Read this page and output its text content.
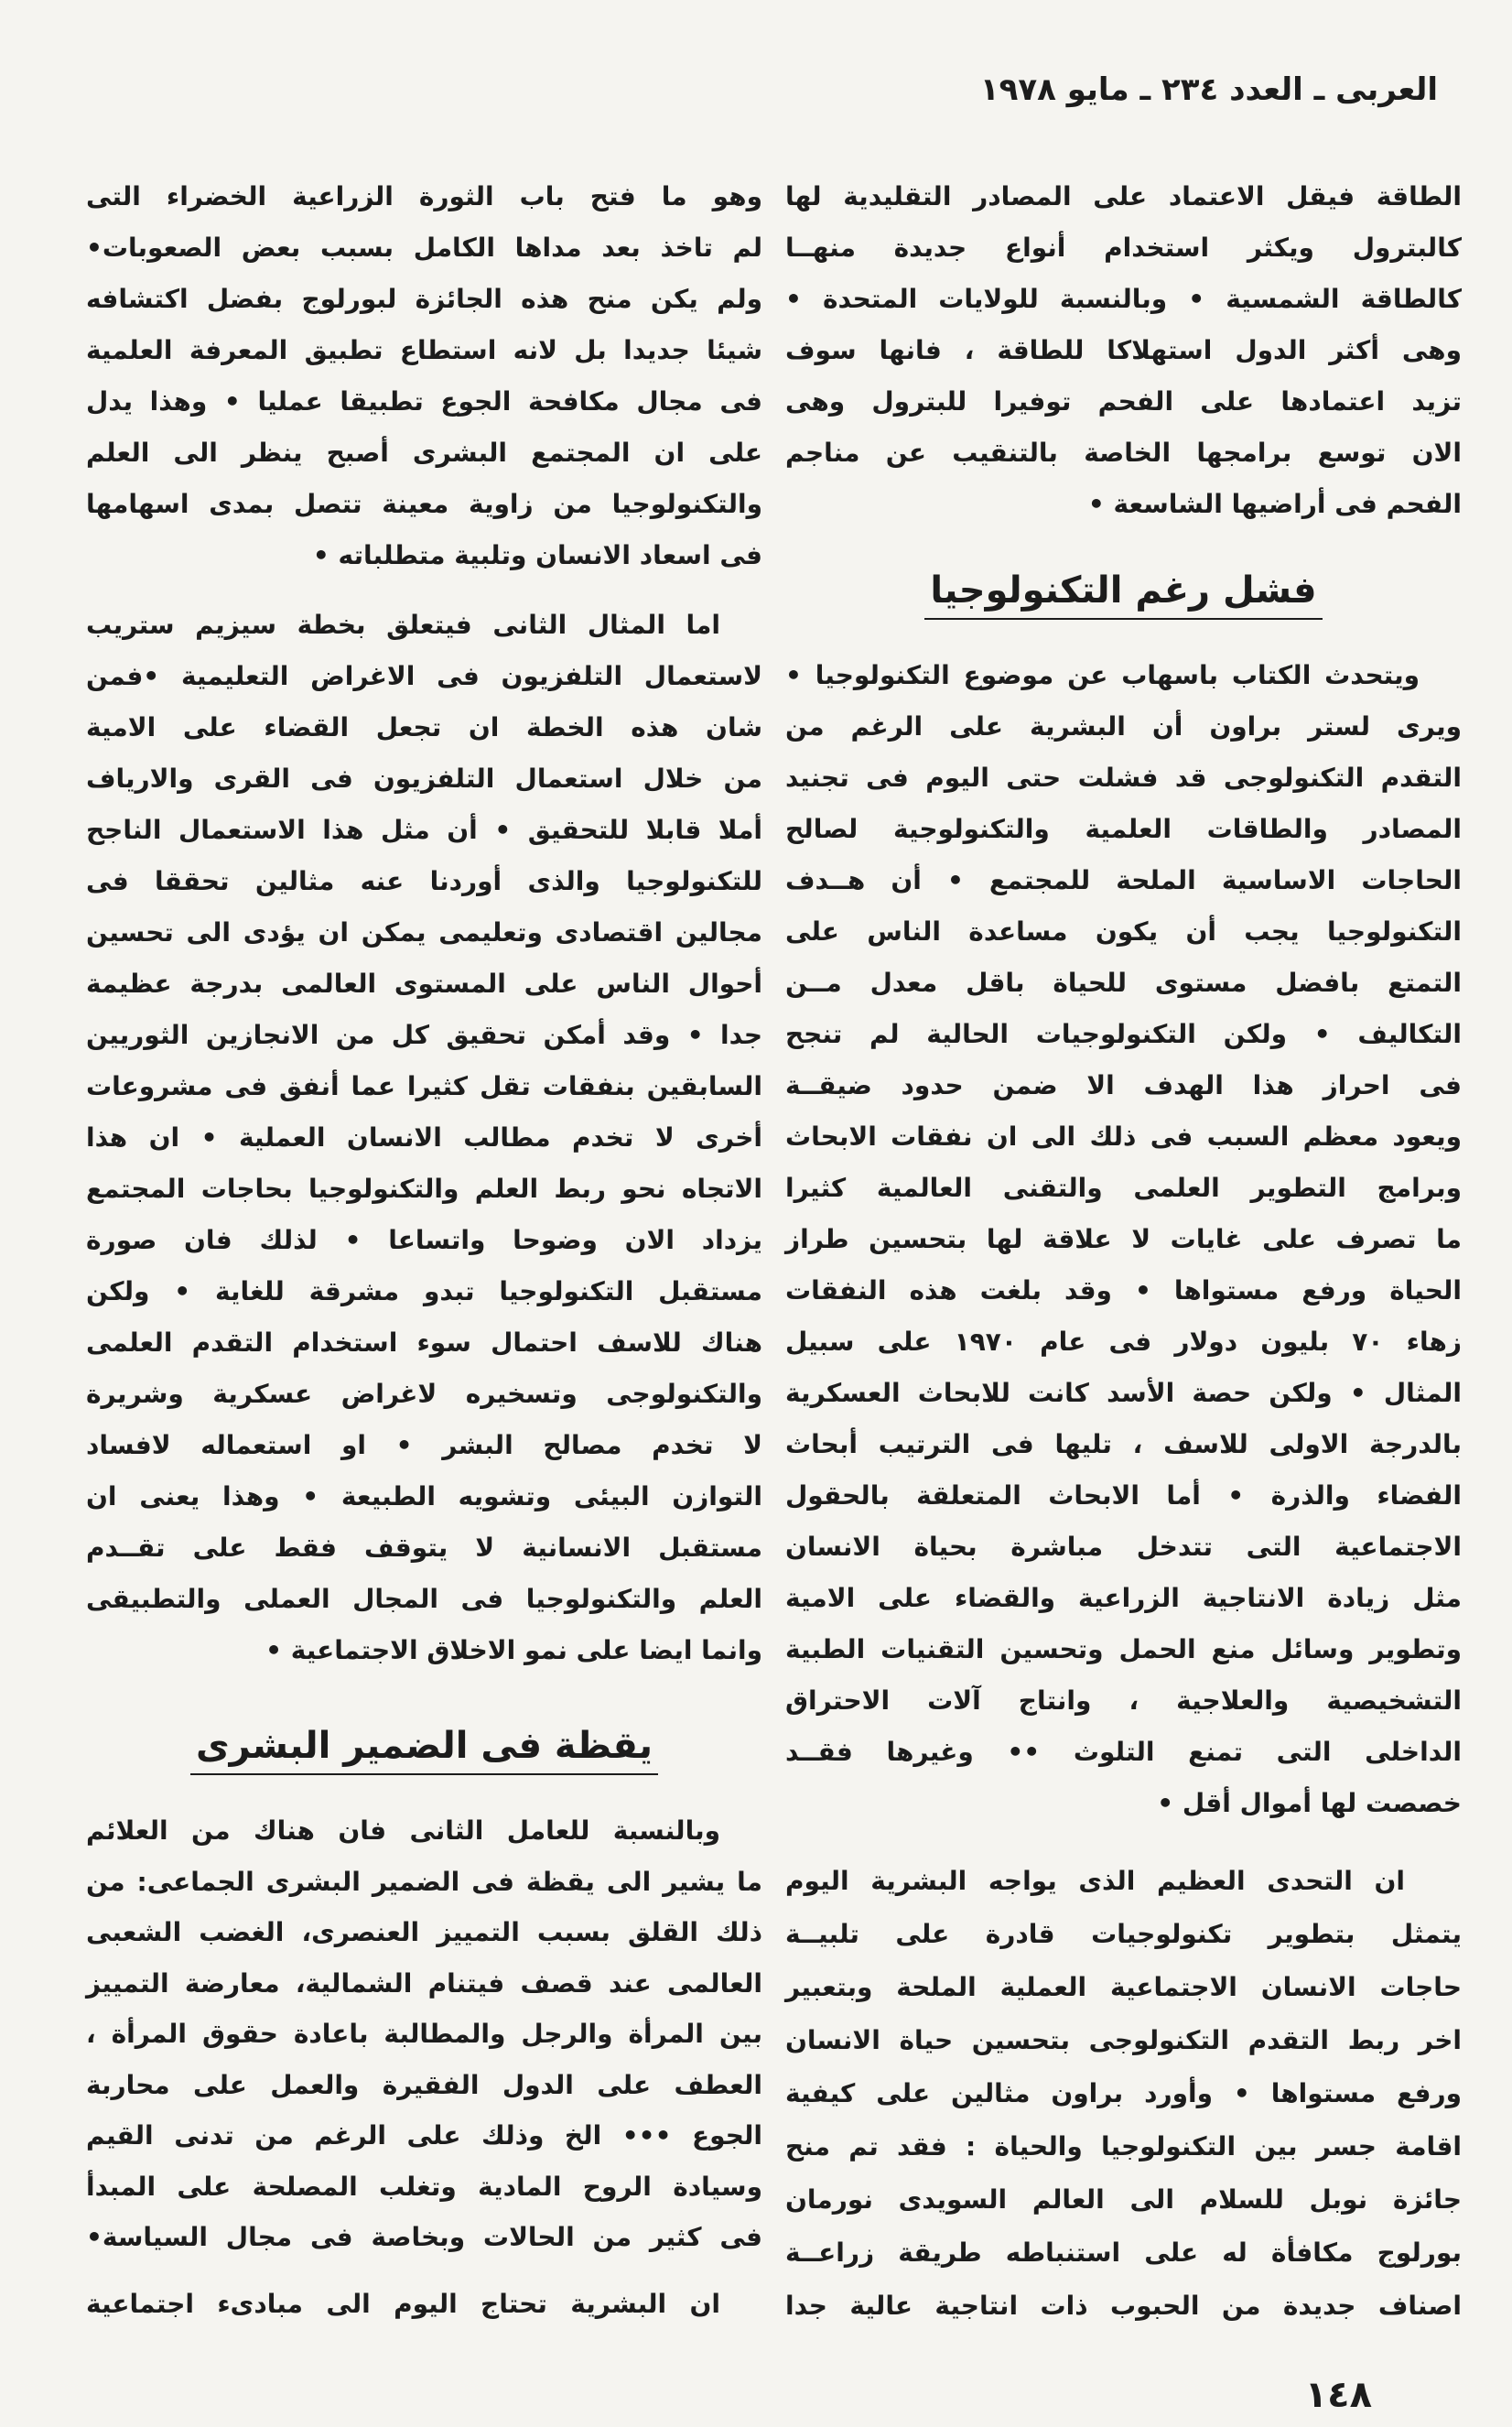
العربى ـ العدد ٢٣٤ ـ مايو ١٩٧٨
الطاقة فيقل الاعتماد على المصادر التقليدية لها
كالبترول ويكثر استخدام أنواع جديدة منهــا
كالطاقة الشمسية • وبالنسبة للولايات المتحدة •
وهى أكثر الدول استهلاكا للطاقة ، فانها سوف
تزيد اعتمادها على الفحم توفيرا للبترول وهى
الان توسع برامجها الخاصة بالتنقيب عن مناجم
الفحم فى أراضيها الشاسعة •
فشل رغم التكنولوجيا
ويتحدث الكتاب باسهاب عن موضوع التكنولوجيا •
ويرى لستر براون أن البشرية على الرغم من
التقدم التكنولوجى قد فشلت حتى اليوم فى تجنيد
المصادر والطاقات العلمية والتكنولوجية لصالح
الحاجات الاساسية الملحة للمجتمع • أن هــدف
التكنولوجيا يجب أن يكون مساعدة الناس على
التمتع بافضل مستوى للحياة باقل معدل مــن
التكاليف • ولكن التكنولوجيات الحالية لم تنجح
فى احراز هذا الهدف الا ضمن حدود ضيقــة
ويعود معظم السبب فى ذلك الى ان نفقات الابحاث
وبرامج التطوير العلمى والتقنى العالمية كثيرا
ما تصرف على غايات لا علاقة لها بتحسين طراز
الحياة ورفع مستواها • وقد بلغت هذه النفقات
زهاء ٧٠ بليون دولار فى عام ١٩٧٠ على سبيل
المثال • ولكن حصة الأسد كانت للابحاث العسكرية
بالدرجة الاولى للاسف ، تليها فى الترتيب أبحاث
الفضاء والذرة • أما الابحاث المتعلقة بالحقول
الاجتماعية التى تتدخل مباشرة بحياة الانسان
مثل زيادة الانتاجية الزراعية والقضاء على الامية
وتطوير وسائل منع الحمل وتحسين التقنيات الطبية
التشخيصية والعلاجية ، وانتاج آلات الاحتراق
الداخلى التى تمنع التلوث •• وغيرها فقــد
خصصت لها أموال أقل •
ان التحدى العظيم الذى يواجه البشرية اليوم
يتمثل بتطوير تكنولوجيات قادرة على تلبيــة
حاجات الانسان الاجتماعية العملية الملحة وبتعبير
اخر ربط التقدم التكنولوجى بتحسين حياة الانسان
ورفع مستواها • وأورد براون مثالين على كيفية
اقامة جسر بين التكنولوجيا والحياة : فقد تم منح
جائزة نوبل للسلام الى العالم السويدى نورمان
بورلوج مكافأة له على استنباطه طريقة زراعــة
اصناف جديدة من الحبوب ذات انتاجية عالية جدا
وهو ما فتح باب الثورة الزراعية الخضراء التى
لم تاخذ بعد مداها الكامل بسبب بعض الصعوبات•
ولم يكن منح هذه الجائزة لبورلوج بفضل اكتشافه
شيئا جديدا بل لانه استطاع تطبيق المعرفة العلمية
فى مجال مكافحة الجوع تطبيقا عمليا • وهذا يدل
على ان المجتمع البشرى أصبح ينظر الى العلم
والتكنولوجيا من زاوية معينة تتصل بمدى اسهامها
فى اسعاد الانسان وتلبية متطلباته •
اما المثال الثانى فيتعلق بخطة سيزيم ستريب
لاستعمال التلفزيون فى الاغراض التعليمية •فمن
شان هذه الخطة ان تجعل القضاء على الامية
من خلال استعمال التلفزيون فى القرى والارياف
أملا قابلا للتحقيق • أن مثل هذا الاستعمال الناجح
للتكنولوجيا والذى أوردنا عنه مثالين تحققا فى
مجالين اقتصادى وتعليمى يمكن ان يؤدى الى تحسين
أحوال الناس على المستوى العالمى بدرجة عظيمة
جدا • وقد أمكن تحقيق كل من الانجازين الثوريين
السابقين بنفقات تقل كثيرا عما أنفق فى مشروعات
أخرى لا تخدم مطالب الانسان العملية • ان هذا
الاتجاه نحو ربط العلم والتكنولوجيا بحاجات المجتمع
يزداد الان وضوحا واتساعا • لذلك فان صورة
مستقبل التكنولوجيا تبدو مشرقة للغاية • ولكن
هناك للاسف احتمال سوء استخدام التقدم العلمى
والتكنولوجى وتسخيره لاغراض عسكرية وشريرة
لا تخدم مصالح البشر • او استعماله لافساد
التوازن البيئى وتشويه الطبيعة • وهذا يعنى ان
مستقبل الانسانية لا يتوقف فقط على تقــدم
العلم والتكنولوجيا فى المجال العملى والتطبيقى
وانما ايضا على نمو الاخلاق الاجتماعية •
يقظة فى الضمير البشرى
وبالنسبة للعامل الثانى فان هناك من العلائم
ما يشير الى يقظة فى الضمير البشرى الجماعى: من
ذلك القلق بسبب التمييز العنصرى، الغضب الشعبى
العالمى عند قصف فيتنام الشمالية، معارضة التمييز
بين المرأة والرجل والمطالبة باعادة حقوق المرأة ،
العطف على الدول الفقيرة والعمل على محاربة
الجوع ••• الخ وذلك على الرغم من تدنى القيم
وسيادة الروح المادية وتغلب المصلحة على المبدأ
فى كثير من الحالات وبخاصة فى مجال السياسة•
ان البشرية تحتاج اليوم الى مبادىء اجتماعية
١٤٨
